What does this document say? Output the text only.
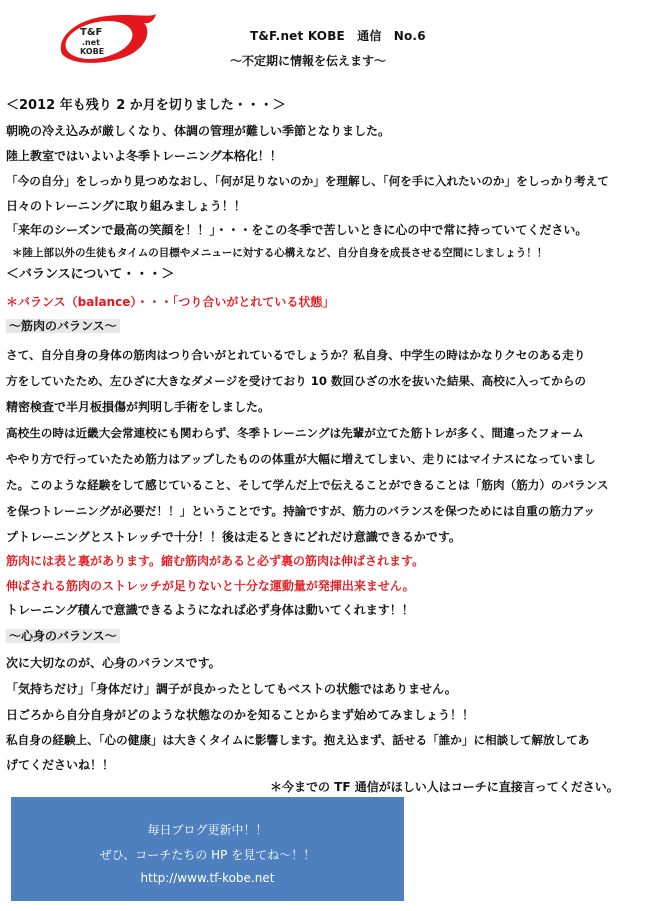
T&F
.net
KOBE
T&F.net KOBE　通信　No.6
～不定期に情報を伝えます～
＜2012 年も残り 2 か月を切りました・・・＞
朝晩の冷え込みが厳しくなり、体調の管理が難しい季節となりました。
陸上教室ではいよいよ冬季トレーニング本格化！！
「今の自分」をしっかり見つめなおし、「何が足りないのか」を理解し、「何を手に入れたいのか」をしっかり考えて
日々のトレーニングに取り組みましょう！！
「来年のシーズンで最高の笑顔を！！」・・・をこの冬季で苦しいときに心の中で常に持っていてください。
＊陸上部以外の生徒もタイムの目標やメニューに対する心構えなど、自分自身を成長させる空間にしましょう！！
＜バランスについて・・・＞
＊バランス（balance）・・・「つり合いがとれている状態」
～筋肉のバランス～
さて、自分自身の身体の筋肉はつり合いがとれているでしょうか？私自身、中学生の時はかなりクセのある走り
方をしていたため、左ひざに大きなダメージを受けており 10 数回ひざの水を抜いた結果、高校に入ってからの
精密検査で半月板損傷が判明し手術をしました。
高校生の時は近畿大会常連校にも関わらず、冬季トレーニングは先輩が立てた筋トレが多く、間違ったフォーム
ややり方で行っていたため筋力はアップしたものの体重が大幅に増えてしまい、走りにはマイナスになっていまし
た。このような経験をして感じていること、そして学んだ上で伝えることができることは「筋肉（筋力）のバランス
を保つトレーニングが必要だ！！」ということです。持論ですが、筋力のバランスを保つためには自重の筋力アッ
プトレーニングとストレッチで十分！！後は走るときにどれだけ意識できるかです。
筋肉には表と裏があります。縮む筋肉があると必ず裏の筋肉は伸ばされます。
伸ばされる筋肉のストレッチが足りないと十分な運動量が発揮出来ません。
トレーニング積んで意識できるようになれば必ず身体は動いてくれます！！
～心身のバランス～
次に大切なのが、心身のバランスです。
「気持ちだけ」「身体だけ」調子が良かったとしてもベストの状態ではありません。
日ごろから自分自身がどのような状態なのかを知ることからまず始めてみましょう！！
私自身の経験上、「心の健康」は大きくタイムに影響します。抱え込まず、話せる「誰か」に相談して解放してあ
げてくださいね！！
＊今までの TF 通信がほしい人はコーチに直接言ってください。
毎日ブログ更新中！！
ぜひ、コーチたちの HP を見てね～！！
http://www.tf-kobe.net
